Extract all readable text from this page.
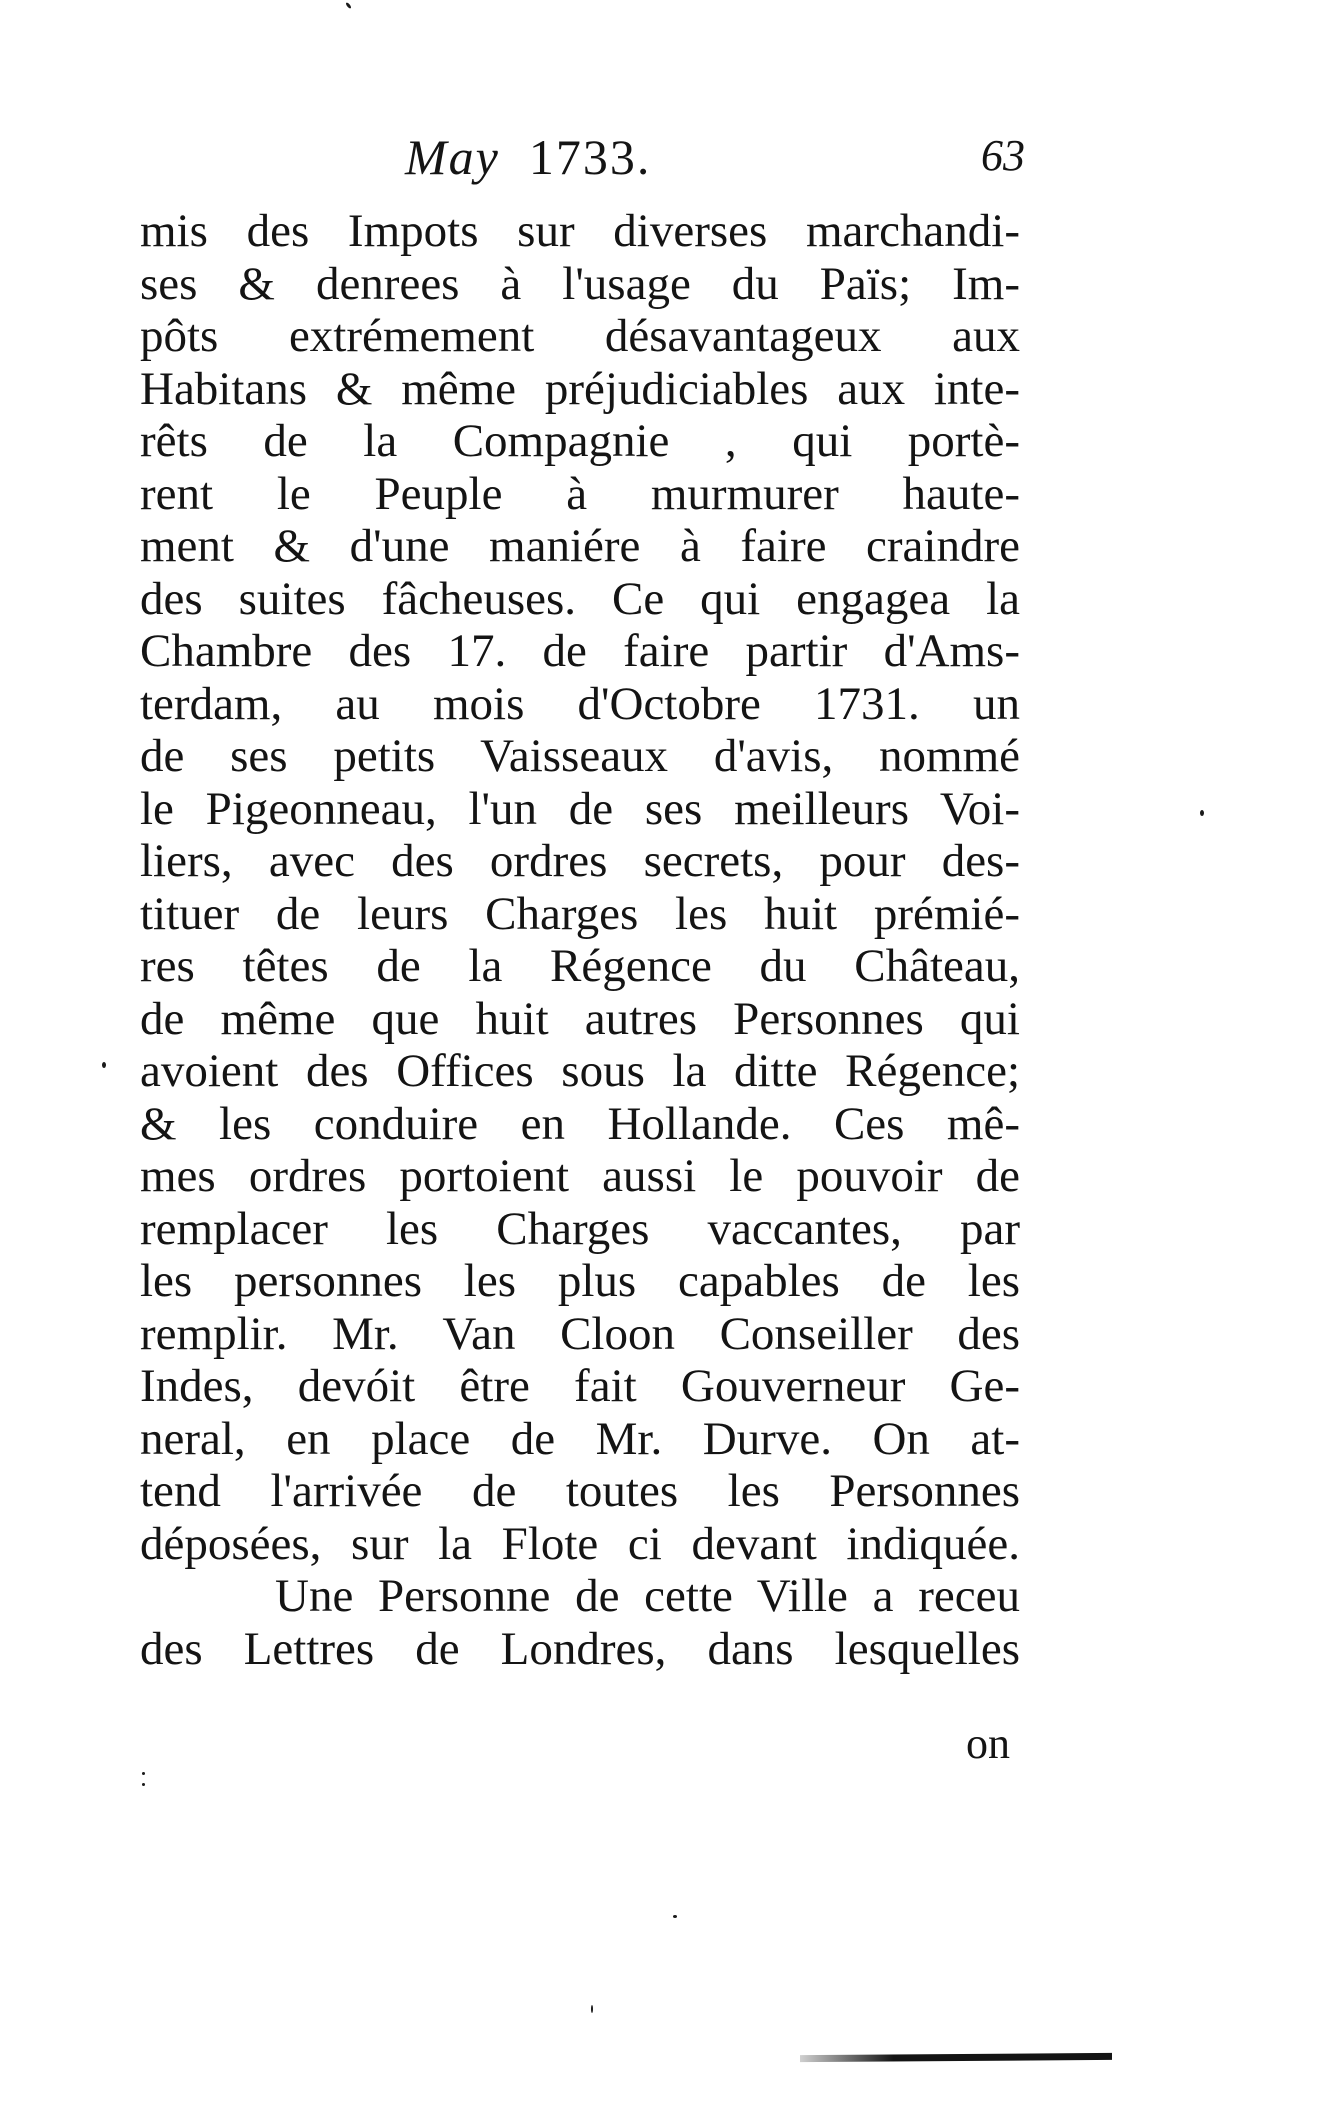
May 1733.	63
mis des Impots sur diverses marchandi-
ses & denrees à l'usage du Païs; Im-
pôts extrémement désavantageux aux
Habitans & même préjudiciables aux inte-
rêts de la Compagnie , qui portè-
rent le Peuple à murmurer haute-
ment & d'une maniére à faire craindre
des suites fâcheuses. Ce qui engagea la
Chambre des 17. de faire partir d'Ams-
terdam, au mois d'Octobre 1731. un
de ses petits Vaisseaux d'avis, nommé
le Pigeonneau, l'un de ses meilleurs Voi-
liers, avec des ordres secrets, pour des-
tituer de leurs Charges les huit prémié-
res têtes de la Régence du Château,
de même que huit autres Personnes qui
avoient des Offices sous la ditte Régence;
& les conduire en Hollande. Ces mê-
mes ordres portoient aussi le pouvoir de
remplacer les Charges vaccantes, par
les personnes les plus capables de les
remplir. Mr. Van Cloon Conseiller des
Indes, devóit être fait Gouverneur Ge-
neral, en place de Mr. Durve. On at-
tend l'arrivée de toutes les Personnes
déposées, sur la Flote ci devant indiquée.
Une Personne de cette Ville a receu
des Lettres de Londres, dans lesquelles
on
